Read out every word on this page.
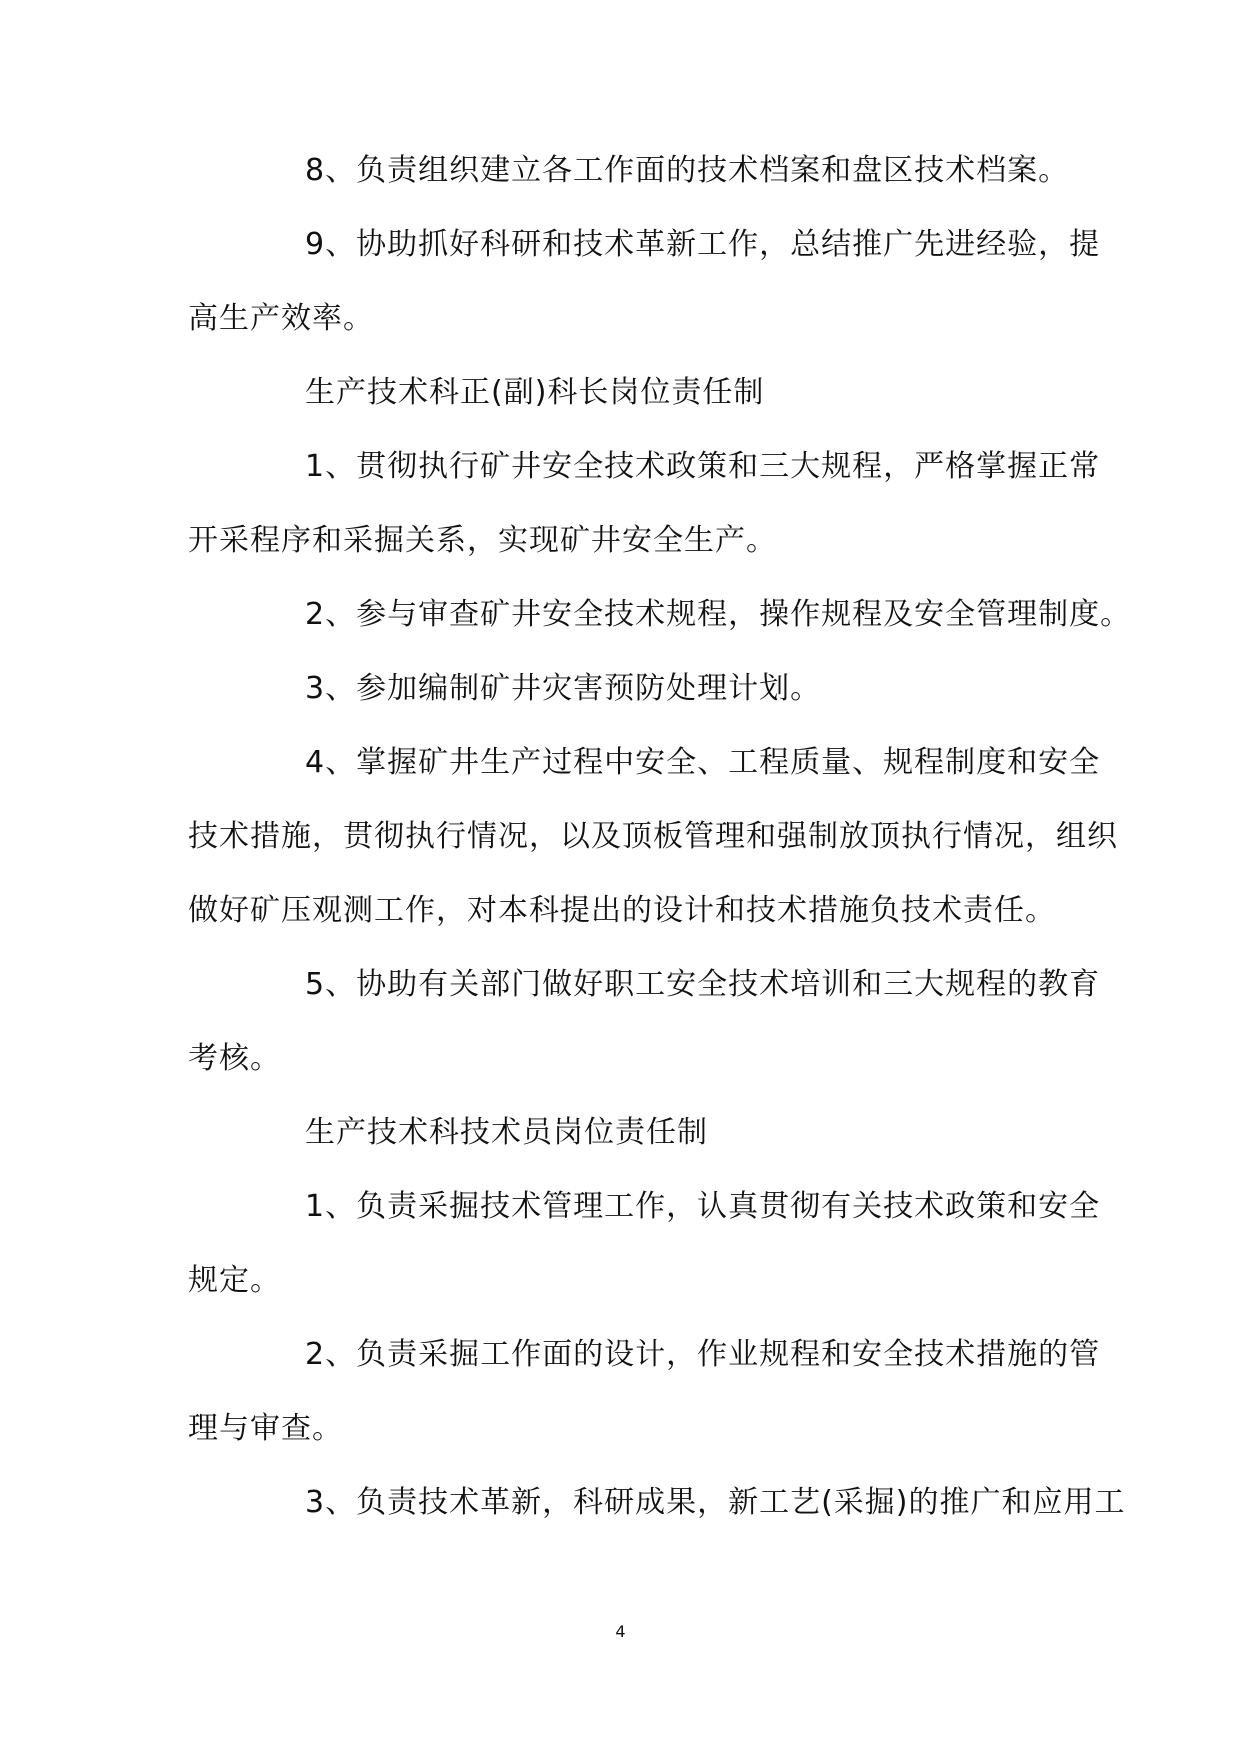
8、负责组织建立各工作面的技术档案和盘区技术档案。
9、协助抓好科研和技术革新工作，总结推广先进经验，提
高生产效率。
生产技术科正(副)科长岗位责任制
1、贯彻执行矿井安全技术政策和三大规程，严格掌握正常
开采程序和采掘关系，实现矿井安全生产。
2、参与审查矿井安全技术规程，操作规程及安全管理制度。
3、参加编制矿井灾害预防处理计划。
4、掌握矿井生产过程中安全、工程质量、规程制度和安全
技术措施，贯彻执行情况，以及顶板管理和强制放顶执行情况，组织
做好矿压观测工作，对本科提出的设计和技术措施负技术责任。
5、协助有关部门做好职工安全技术培训和三大规程的教育
考核。
生产技术科技术员岗位责任制
1、负责采掘技术管理工作，认真贯彻有关技术政策和安全
规定。
2、负责采掘工作面的设计，作业规程和安全技术措施的管
理与审查。
3、负责技术革新，科研成果，新工艺(采掘)的推广和应用工
4
